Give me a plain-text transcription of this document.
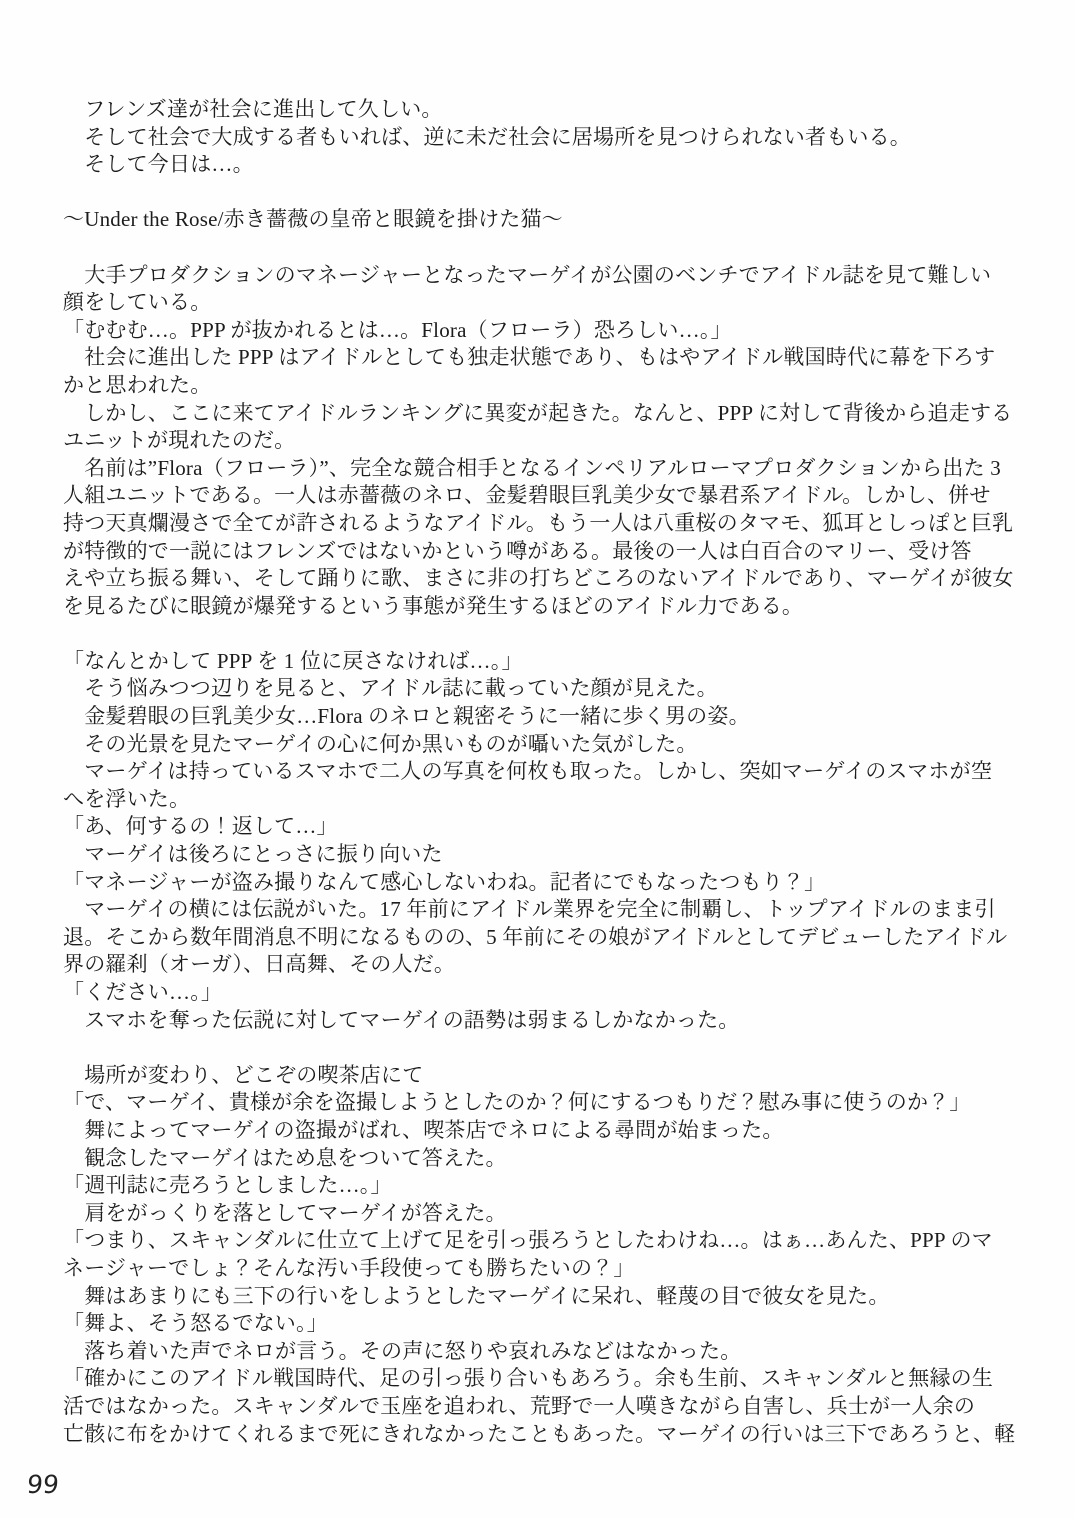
　フレンズ達が社会に進出して久しい。
　そして社会で大成する者もいれば、逆に未だ社会に居場所を見つけられない者もいる。
　そして今日は…。
～Under the Rose/赤き薔薇の皇帝と眼鏡を掛けた猫～
　大手プロダクションのマネージャーとなったマーゲイが公園のベンチでアイドル誌を見て難しい
顔をしている。
「むむむ…。PPP が抜かれるとは…。Flora（フローラ）恐ろしい…。」
　社会に進出した PPP はアイドルとしても独走状態であり、もはやアイドル戦国時代に幕を下ろす
かと思われた。
　しかし、ここに来てアイドルランキングに異変が起きた。なんと、PPP に対して背後から追走する
ユニットが現れたのだ。
　名前は”Flora（フローラ）”、完全な競合相手となるインペリアルローマプロダクションから出た 3
人組ユニットである。一人は赤薔薇のネロ、金髪碧眼巨乳美少女で暴君系アイドル。しかし、併せ
持つ天真爛漫さで全てが許されるようなアイドル。もう一人は八重桜のタマモ、狐耳としっぽと巨乳
が特徴的で一説にはフレンズではないかという噂がある。最後の一人は白百合のマリー、受け答
えや立ち振る舞い、そして踊りに歌、まさに非の打ちどころのないアイドルであり、マーゲイが彼女
を見るたびに眼鏡が爆発するという事態が発生するほどのアイドル力である。
「なんとかして PPP を 1 位に戻さなければ…。」
　そう悩みつつ辺りを見ると、アイドル誌に載っていた顔が見えた。
　金髪碧眼の巨乳美少女…Flora のネロと親密そうに一緒に歩く男の姿。
　その光景を見たマーゲイの心に何か黒いものが囁いた気がした。
　マーゲイは持っているスマホで二人の写真を何枚も取った。しかし、突如マーゲイのスマホが空
へを浮いた。
「あ、何するの！返して…」
　マーゲイは後ろにとっさに振り向いた
「マネージャーが盗み撮りなんて感心しないわね。記者にでもなったつもり？」
　マーゲイの横には伝説がいた。17 年前にアイドル業界を完全に制覇し、トップアイドルのまま引
退。そこから数年間消息不明になるものの、5 年前にその娘がアイドルとしてデビューしたアイドル
界の羅刹（オーガ）、日高舞、その人だ。
「ください…。」
　スマホを奪った伝説に対してマーゲイの語勢は弱まるしかなかった。
　場所が変わり、どこぞの喫茶店にて
「で、マーゲイ、貴様が余を盗撮しようとしたのか？何にするつもりだ？慰み事に使うのか？」
　舞によってマーゲイの盗撮がばれ、喫茶店でネロによる尋問が始まった。
　観念したマーゲイはため息をついて答えた。
「週刊誌に売ろうとしました…。」
　肩をがっくりを落としてマーゲイが答えた。
「つまり、スキャンダルに仕立て上げて足を引っ張ろうとしたわけね…。はぁ…あんた、PPP のマ
ネージャーでしょ？そんな汚い手段使っても勝ちたいの？」
　舞はあまりにも三下の行いをしようとしたマーゲイに呆れ、軽蔑の目で彼女を見た。
「舞よ、そう怒るでない。」
　落ち着いた声でネロが言う。その声に怒りや哀れみなどはなかった。
「確かにこのアイドル戦国時代、足の引っ張り合いもあろう。余も生前、スキャンダルと無縁の生
活ではなかった。スキャンダルで玉座を追われ、荒野で一人嘆きながら自害し、兵士が一人余の
亡骸に布をかけてくれるまで死にきれなかったこともあった。マーゲイの行いは三下であろうと、軽
99
